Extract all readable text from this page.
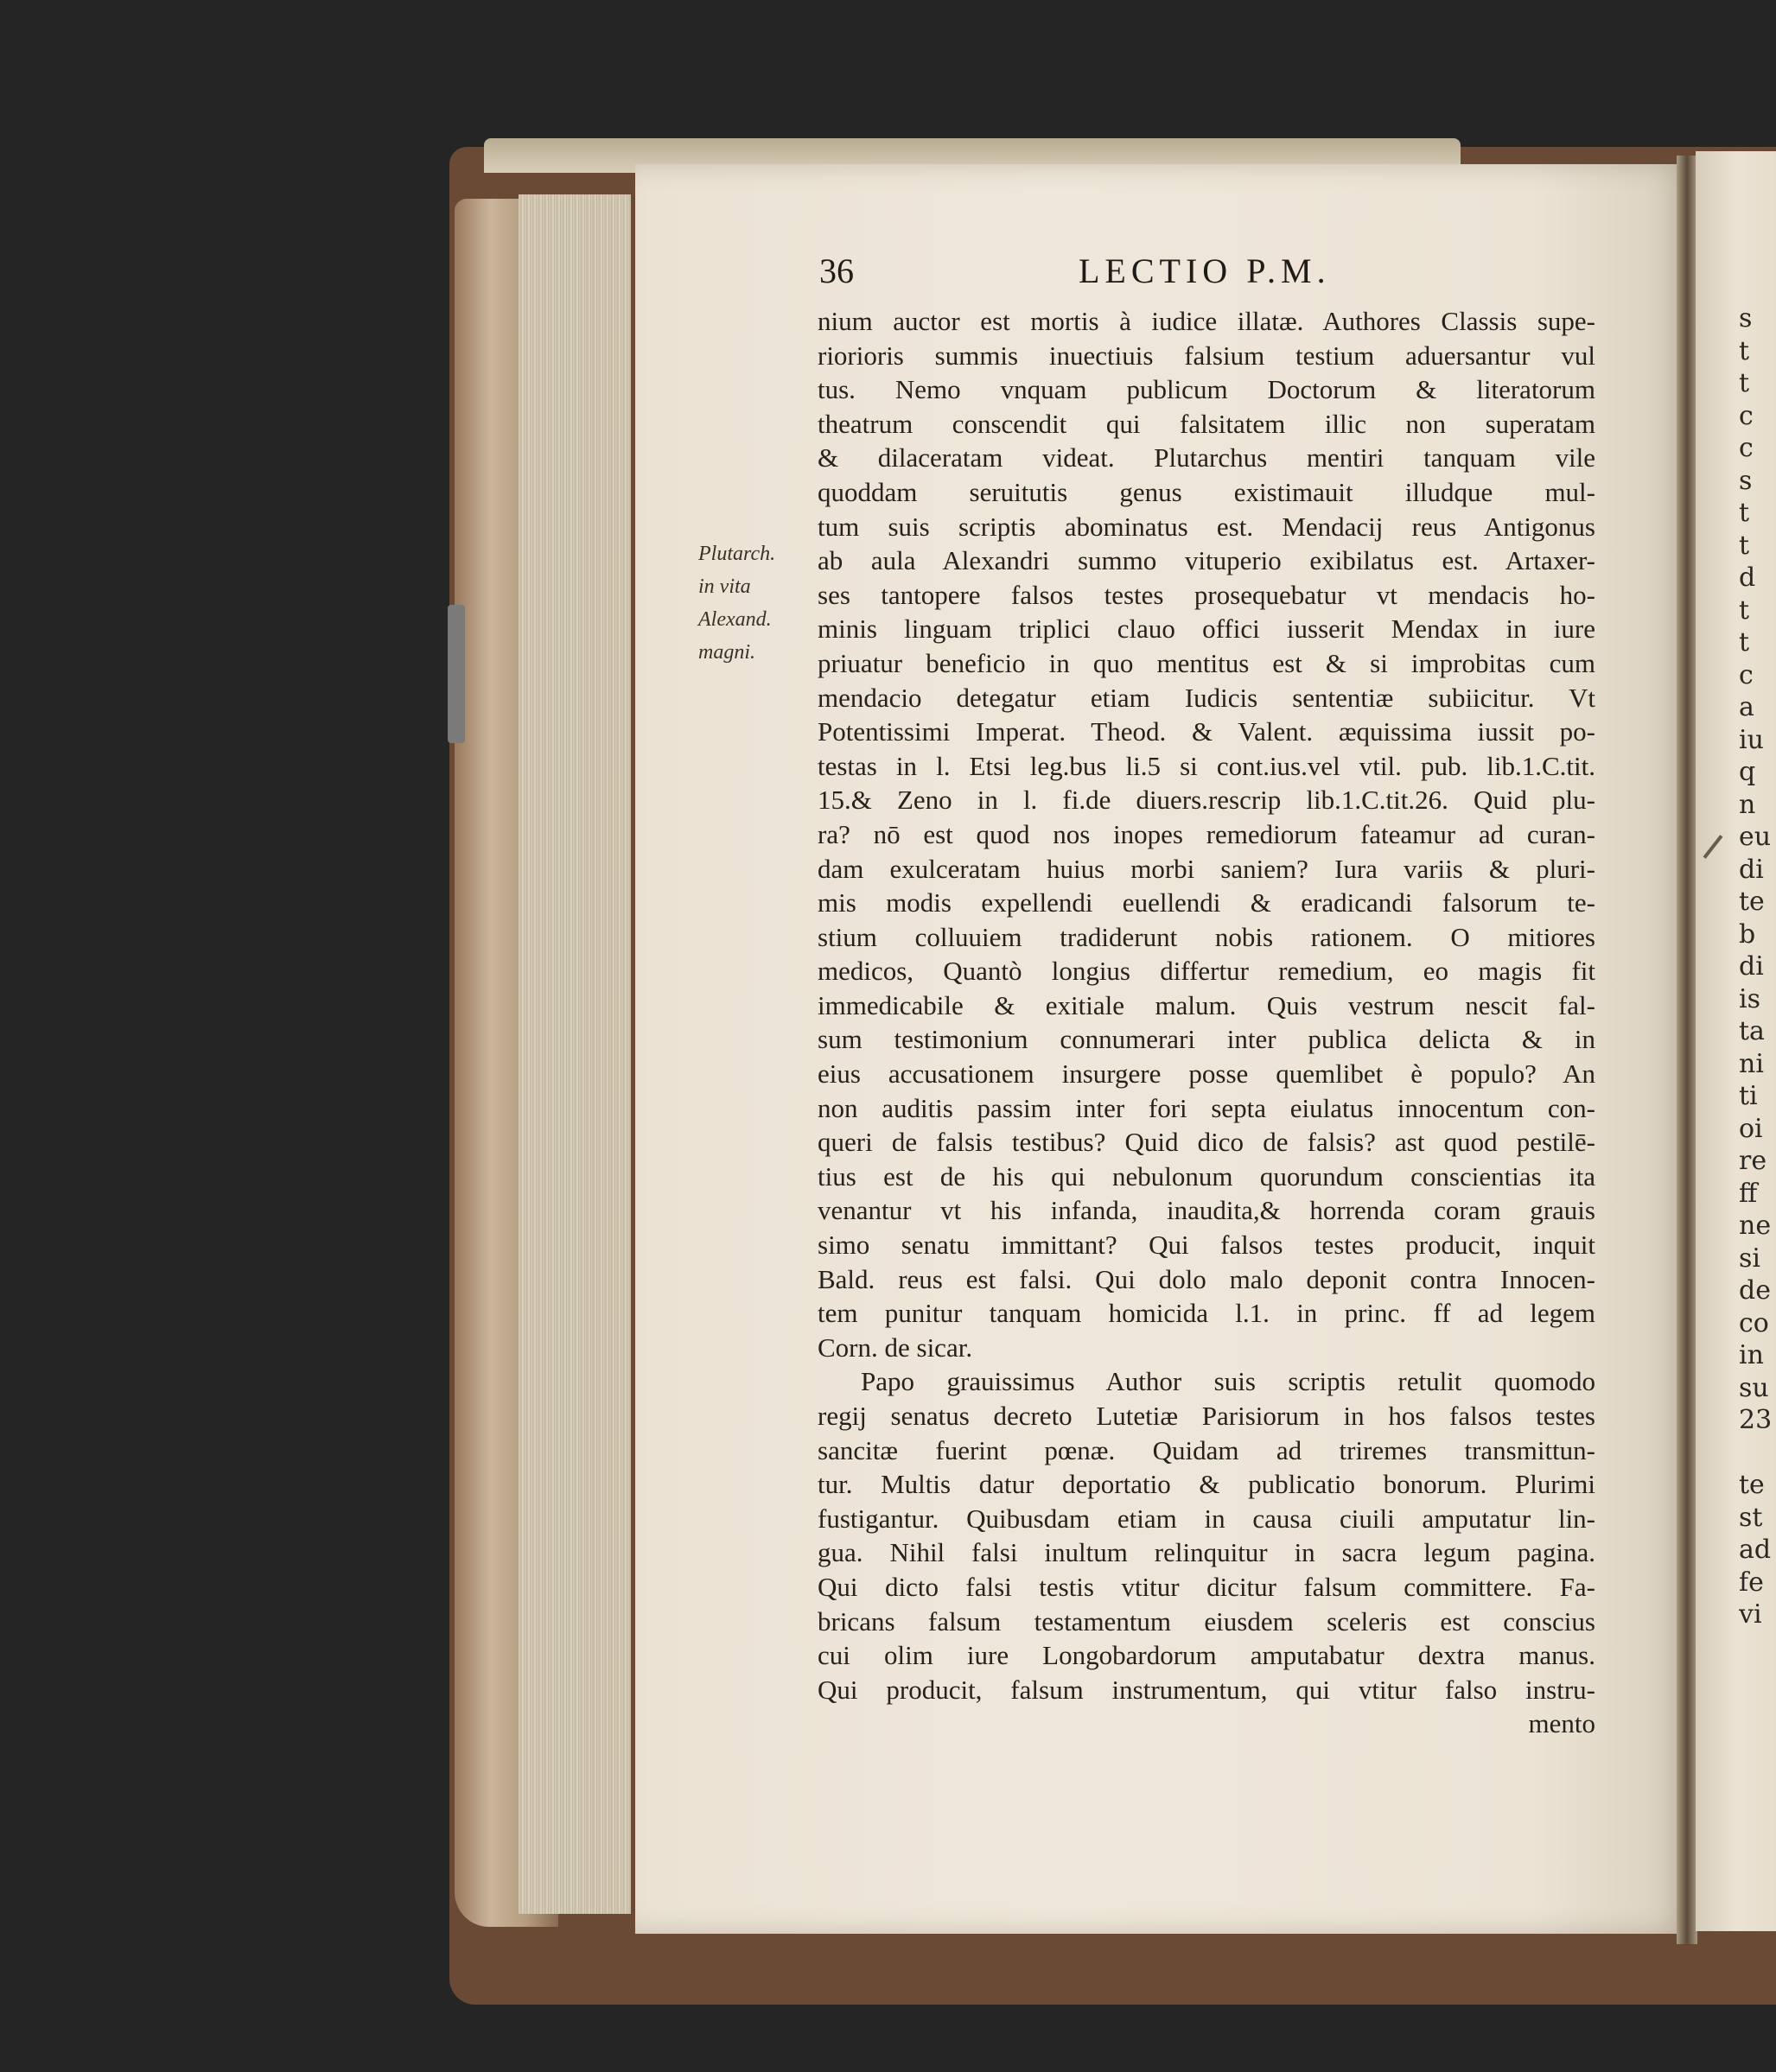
36	LECTIO P.M.
Plutarch.
in vita
Alexand.
magni.
nium auctor est mortis à iudice illatæ. Authores Classis supe-
riorioris summis inuectiuis falsium testium aduersantur vul
tus. Nemo vnquam publicum Doctorum & literatorum
theatrum conscendit qui falsitatem illic non superatam
& dilaceratam videat. Plutarchus mentiri tanquam vile
quoddam seruitutis genus existimauit illudque mul-
tum suis scriptis abominatus est. Mendacij reus Antigonus
ab aula Alexandri summo vituperio exibilatus est. Artaxer-
ses tantopere falsos testes prosequebatur vt mendacis ho-
minis linguam triplici clauo offici iusserit Mendax in iure
priuatur beneficio in quo mentitus est & si improbitas cum
mendacio detegatur etiam Iudicis sententiæ subiicitur. Vt
Potentissimi Imperat. Theod. & Valent. æquissima iussit po-
testas in l. Etsi leg.bus li.5 si cont.ius.vel vtil. pub. lib.1.C.tit.
15.& Zeno in l. fi.de diuers.rescrip lib.1.C.tit.26. Quid plu-
ra? nō est quod nos inopes remediorum fateamur ad curan-
dam exulceratam huius morbi saniem? Iura variis & pluri-
mis modis expellendi euellendi & eradicandi falsorum te-
stium colluuiem tradiderunt nobis rationem. O mitiores
medicos, Quantò longius differtur remedium, eo magis fit
immedicabile & exitiale malum. Quis vestrum nescit fal-
sum testimonium connumerari inter publica delicta & in
eius accusationem insurgere posse quemlibet è populo? An
non auditis passim inter fori septa eiulatus innocentum con-
queri de falsis testibus? Quid dico de falsis? ast quod pestilē-
tius est de his qui nebulonum quorundum conscientias ita
venantur vt his infanda, inaudita,& horrenda coram grauis
simo senatu immittant? Qui falsos testes producit, inquit
Bald. reus est falsi. Qui dolo malo deponit contra Innocen-
tem punitur tanquam homicida l.1. in princ. ff ad legem
Corn. de sicar.
Papo grauissimus Author suis scriptis retulit quomodo
regij senatus decreto Lutetiæ Parisiorum in hos falsos testes
sancitæ fuerint pœnæ. Quidam ad triremes transmittun-
tur. Multis datur deportatio & publicatio bonorum. Plurimi
fustigantur. Quibusdam etiam in causa ciuili amputatur lin-
gua. Nihil falsi inultum relinquitur in sacra legum pagina.
Qui dicto falsi testis vtitur dicitur falsum committere. Fa-
bricans falsum testamentum eiusdem sceleris est conscius
cui olim iure Longobardorum amputabatur dextra manus.
Qui producit, falsum instrumentum, qui vtitur falso instru-
mento
s
t
t
c
c
s
t
t
d
t
t
c
a
iu
q
n
eu
di
te
b
di
is
ta
ni
ti
oi
re
ff
ne
si
de
co
in
su
23
te
st
ad
fe
vi
